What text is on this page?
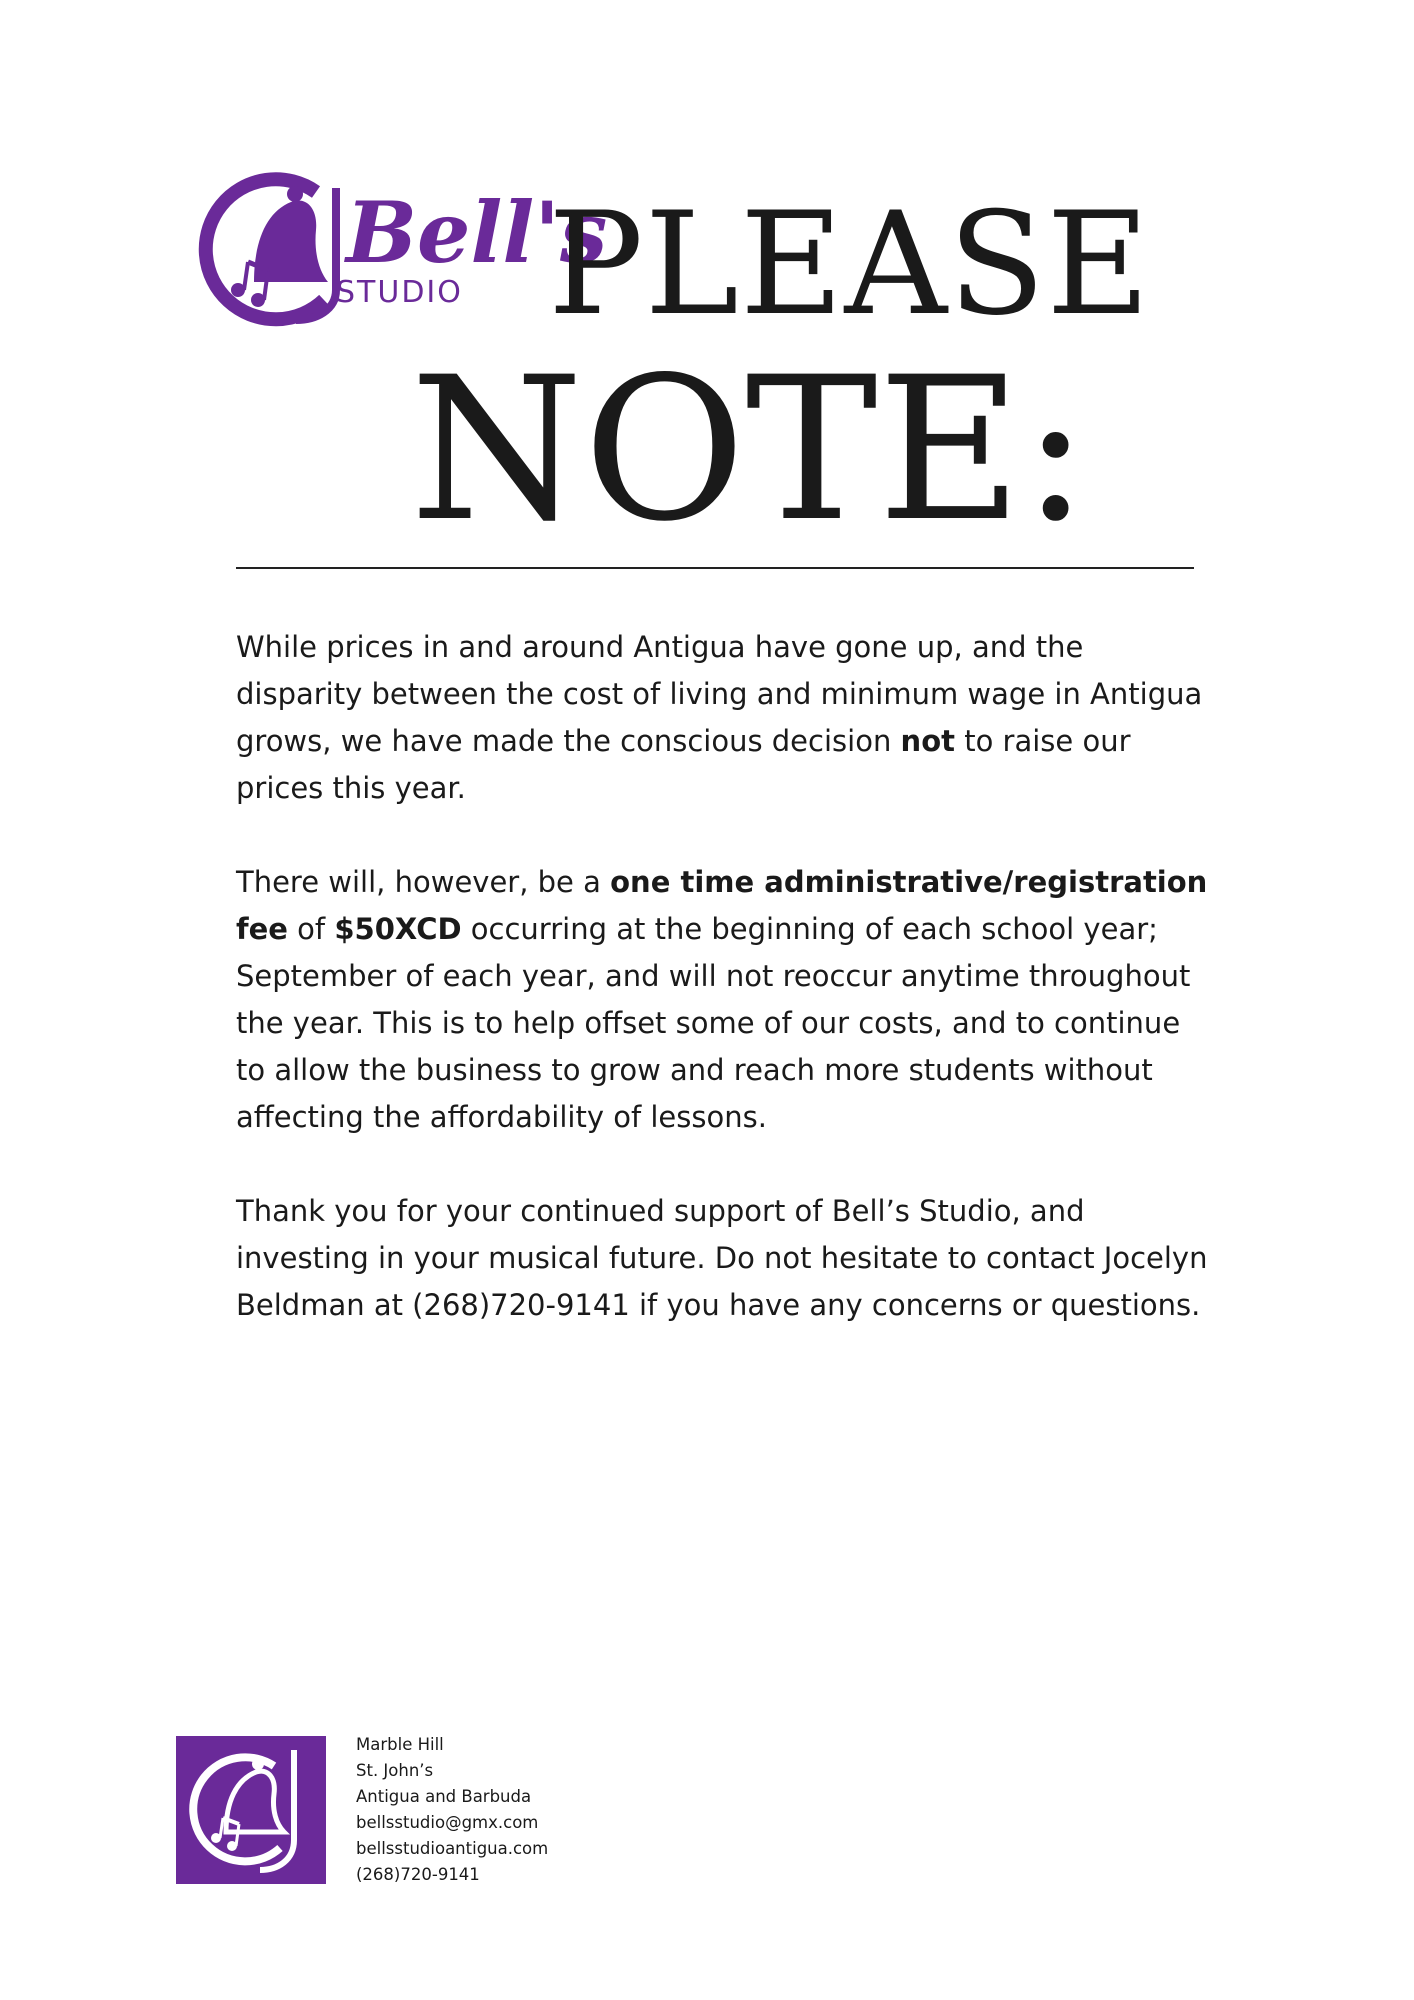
Bell's
STUDIO PLEASE
NOTE:

While prices in and around Antigua have gone up, and the disparity between the cost of living and minimum wage in Antigua grows, we have made the conscious decision not to raise our prices this year.

There will, however, be a one time administrative/registration fee of $50XCD occurring at the beginning of each school year; September of each year, and will not reoccur anytime throughout the year. This is to help offset some of our costs, and to continue to allow the business to grow and reach more students without affecting the affordability of lessons.

Thank you for your continued support of Bell’s Studio, and investing in your musical future. Do not hesitate to contact Jocelyn Beldman at (268)720-9141 if you have any concerns or questions.

Marble Hill
St. John’s
Antigua and Barbuda
bellsstudio@gmx.com
bellsstudioantigua.com
(268)720-9141
